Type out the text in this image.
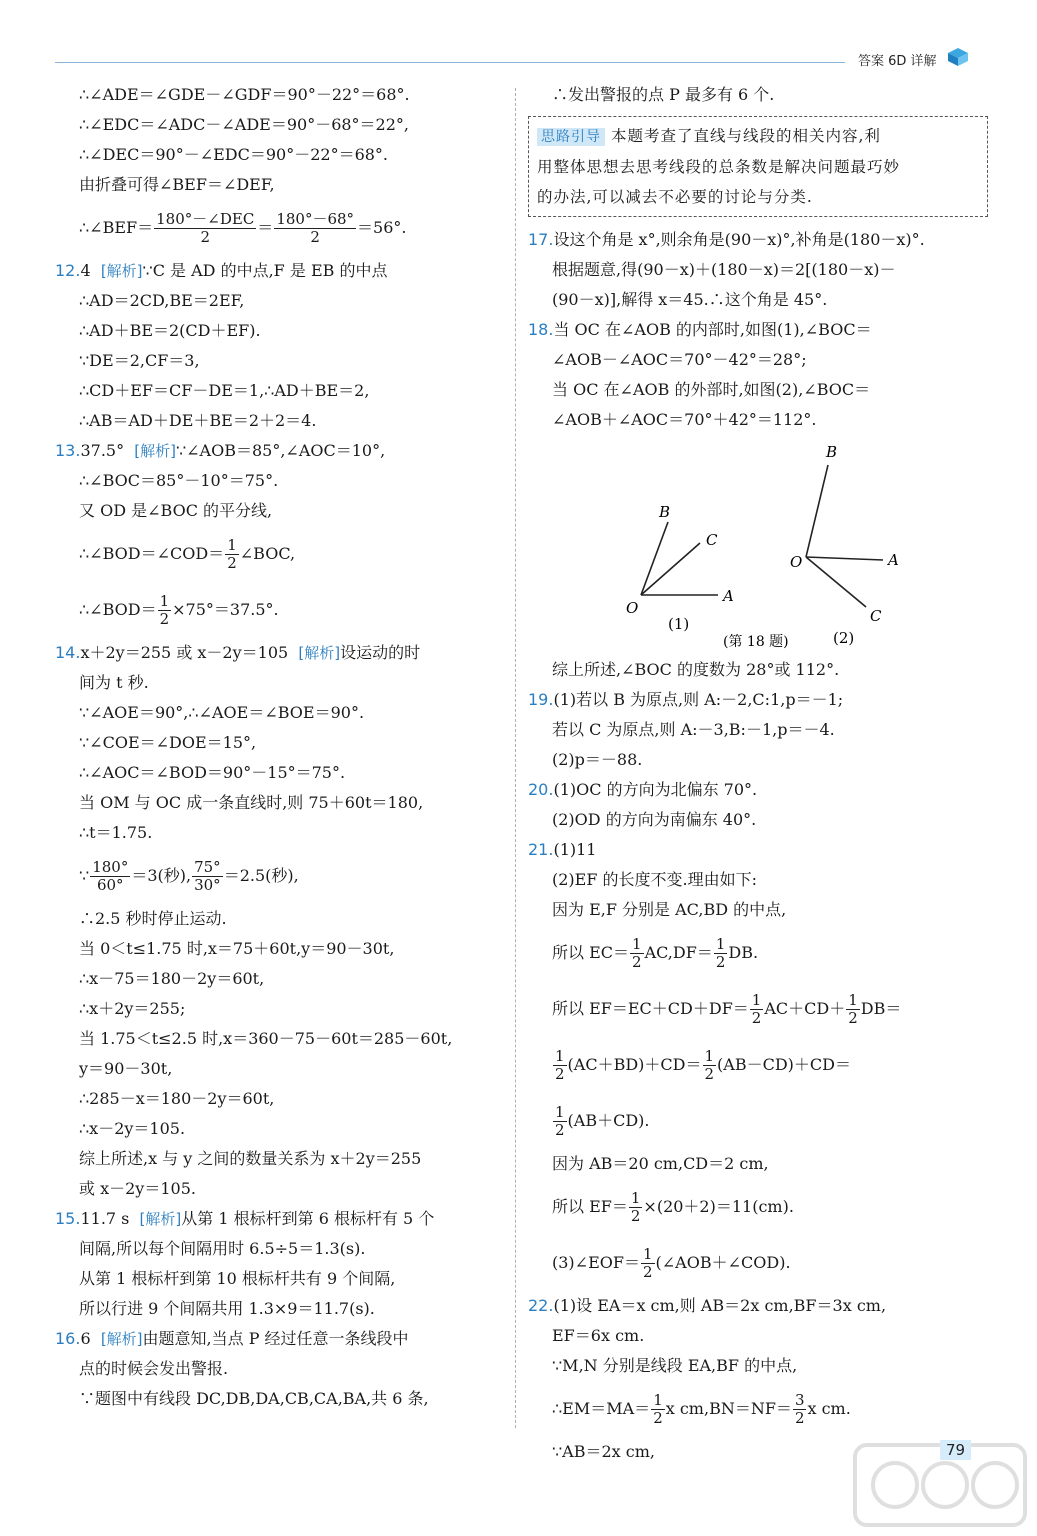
答案 6D 详解
∴∠ADE＝∠GDE－∠GDF＝90°－22°＝68°.
∴∠EDC＝∠ADC－∠ADE＝90°－68°＝22°,
∴∠DEC＝90°－∠EDC＝90°－22°＝68°.
由折叠可得∠BEF＝∠DEF,
∴∠BEF＝ $\frac{\text{180°－∠DEC}}{2} = \frac{180^\circ-68^\circ}{2} =56^\circ$.
12.4 [解析]∵C 是 AD 的中点,F 是 EB 的中点
∴AD＝2CD,BE＝2EF,
∴AD＋BE＝2(CD＋EF).
∵DE＝2,CF＝3,
∴CD＋EF＝CF－DE＝1,∴AD＋BE＝2,
∴AB＝AD＋DE＋BE＝2＋2＝4.
13.37.5° [解析]∵∠AOB＝85°,∠AOC＝10°,
∴∠BOC＝85°－10°＝75°.
又 OD 是∠BOC 的平分线,
∴∠BOD＝∠COD＝ $\frac{1}{2}$ ∠BOC,
∴∠BOD＝ $\frac{1}{2} \times 75^\circ=37.5^\circ$.
14.x＋2y＝255 或 x－2y＝105 [解析]设运动的时
间为 t 秒.
∵∠AOE＝90°,∴∠AOE＝∠BOE＝90°.
∵∠COE＝∠DOE＝15°,
∴∠AOC＝∠BOD＝90°－15°＝75°.
当 OM 与 OC 成一条直线时,则 75＋60t＝180,
∴t＝1.75.
∵ $\frac{180^\circ}{60^\circ} =3$(秒), $\frac{75^\circ}{30^\circ} =2.5$(秒),
∴2.5 秒时停止运动.
当 0＜t≤1.75 时,x＝75＋60t,y＝90－30t,
∴x－75＝180－2y＝60t,
∴x＋2y＝255;
当 1.75＜t≤2.5 时,x＝360－75－60t＝285－60t,
y＝90－30t,
∴285－x＝180－2y＝60t,
∴x－2y＝105.
综上所述,x 与 y 之间的数量关系为 x＋2y＝255
或 x－2y＝105.
15.11.7 s [解析]从第 1 根标杆到第 6 根标杆有 5 个
间隔,所以每个间隔用时 6.5÷5＝1.3(s).
从第 1 根标杆到第 10 根标杆共有 9 个间隔,
所以行进 9 个间隔共用 1.3×9＝11.7(s).
16.6 [解析]由题意知,当点 P 经过任意一条线段中
点的时候会发出警报.
∵题图中有线段 DC,DB,DA,CB,CA,BA,共 6 条,
∴发出警报的点 P 最多有 6 个.
思路引导 本题考查了直线与线段的相关内容,利
用整体思想去思考线段的总条数是解决问题最巧妙
的办法,可以减去不必要的讨论与分类.
17.设这个角是 x°,则余角是(90－x)°,补角是(180－x)°.
根据题意,得(90－x)＋(180－x)＝2[(180－x)－
(90－x)],解得 x＝45.∴这个角是 45°.
18.当 OC 在∠AOB 的内部时,如图(1),∠BOC＝
∠AOB－∠AOC＝70°－42°＝28°;
当 OC 在∠AOB 的外部时,如图(2),∠BOC＝
∠AOB＋∠AOC＝70°＋42°＝112°.
B
C
O
A
(1)
B
O	A
C
(2)
(第 18 题)
综上所述,∠BOC 的度数为 28°或 112°.
19.(1)若以 B 为原点,则 A:－2,C:1,p＝－1;
若以 C 为原点,则 A:－3,B:－1,p＝－4.
(2)p＝－88.
20.(1)OC 的方向为北偏东 70°.
(2)OD 的方向为南偏东 40°.
21.(1)11
(2)EF 的长度不变.理由如下:
因为 E,F 分别是 AC,BD 的中点,
所以 $EC= \frac{1}{2} AC,DF= \frac{1}{2}$ DB.
所以 $EF=EC+CD+DF= \frac{1}{2} AC+CD+ \frac{1}{2} DB=$
$\frac{1}{2} (AC+BD)+CD= \frac{1}{2} (AB-CD)+CD=$
$\frac{1}{2} (AB+CD)$.
因为 AB＝20 cm,CD＝2 cm,
所以 $EF= \frac{1}{2} \times(20+2)=11(cm)$.
(3)∠EOF＝ $\frac{1}{2}$ (∠AOB＋∠COD).
22.(1)设 EA＝x cm,则 AB＝2x cm,BF＝3x cm,
EF＝6x cm.
∵M,N 分别是线段 EA,BF 的中点,
∴EM＝MA＝ $\frac{1}{2}$ x $cm,BN=NF= \frac{3}{2}$ x cm.
∵AB＝2x cm,	79
